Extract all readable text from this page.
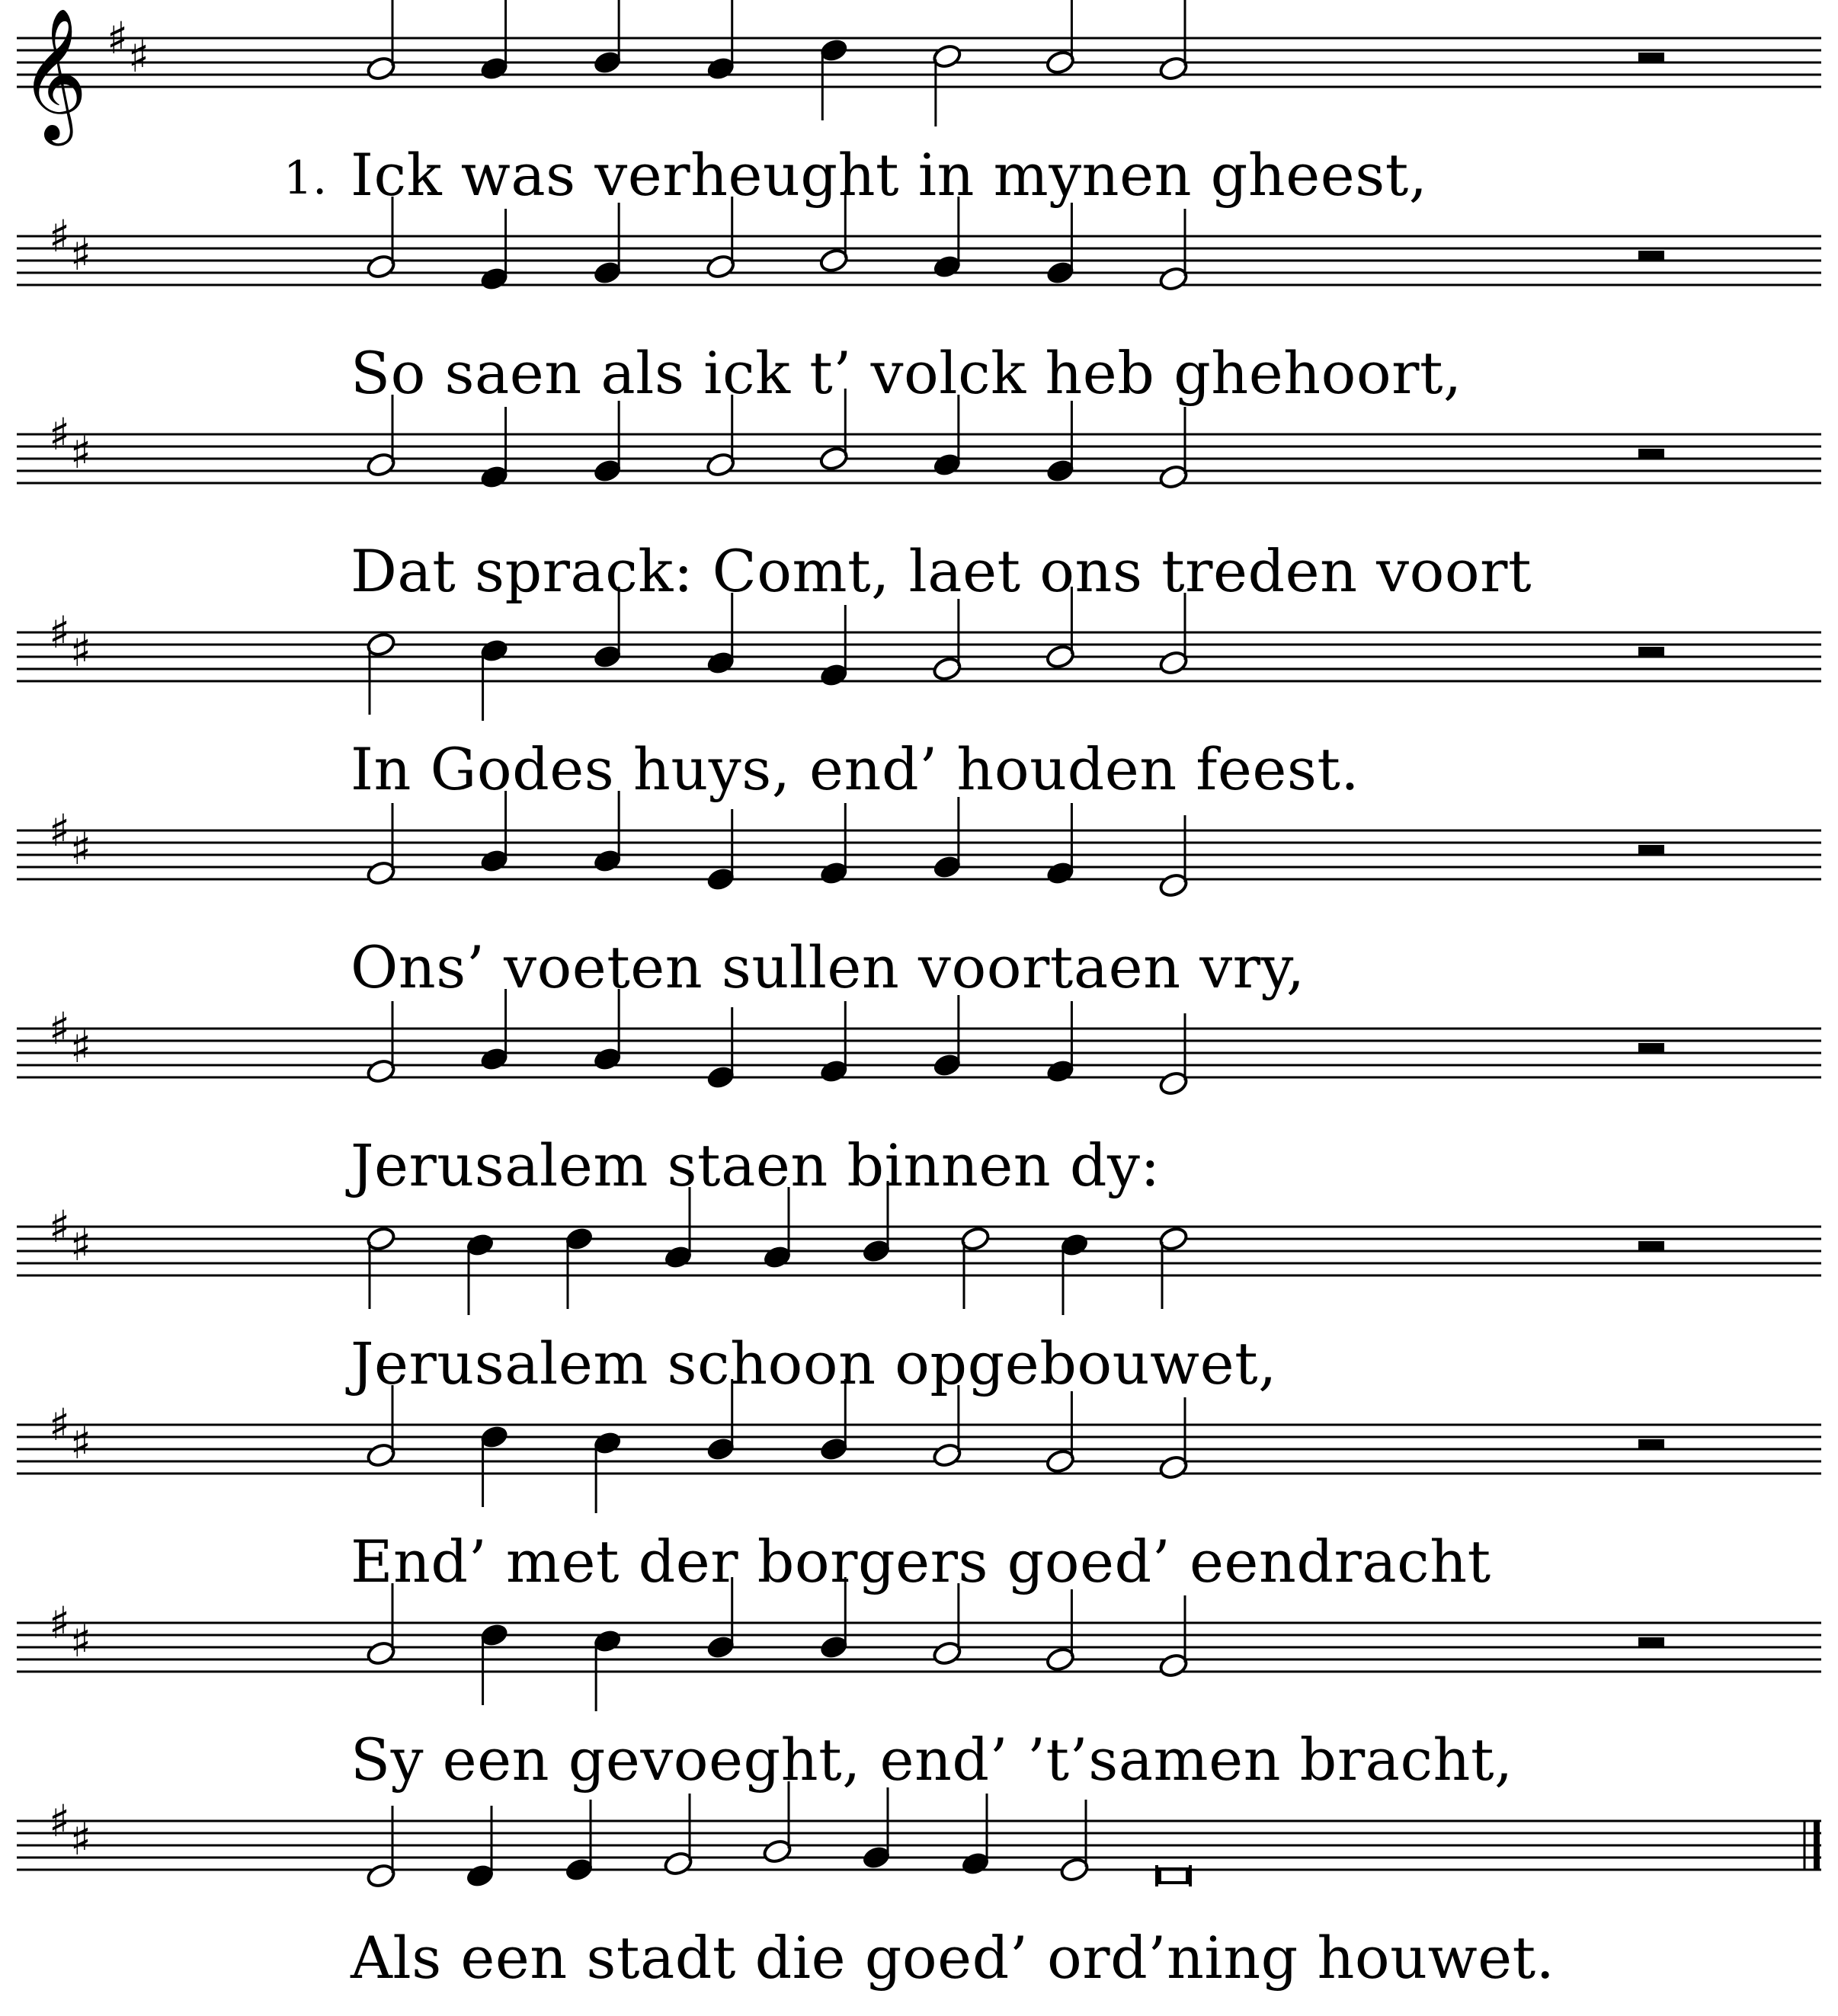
𝄞 ♯ ♯
♯ ♯
♯ ♯
♯ ♯
♯ ♯
♯ ♯
♯ ♯
♯ ♯
♯ ♯
♯ ♯
1. Ick was verheught in mynen gheest,
So saen als ick t’ volck heb ghehoort,
Dat sprack: Comt, laet ons treden voort
In Godes huys, end’ houden feest.
Ons’ voeten sullen voortaen vry,
Jerusalem staen binnen dy:
Jerusalem schoon opgebouwet,
End’ met der borgers goed’ eendracht
Sy een gevoeght, end’ ’t’samen bracht,
Als een stadt die goed’ ord’ning houwet.
